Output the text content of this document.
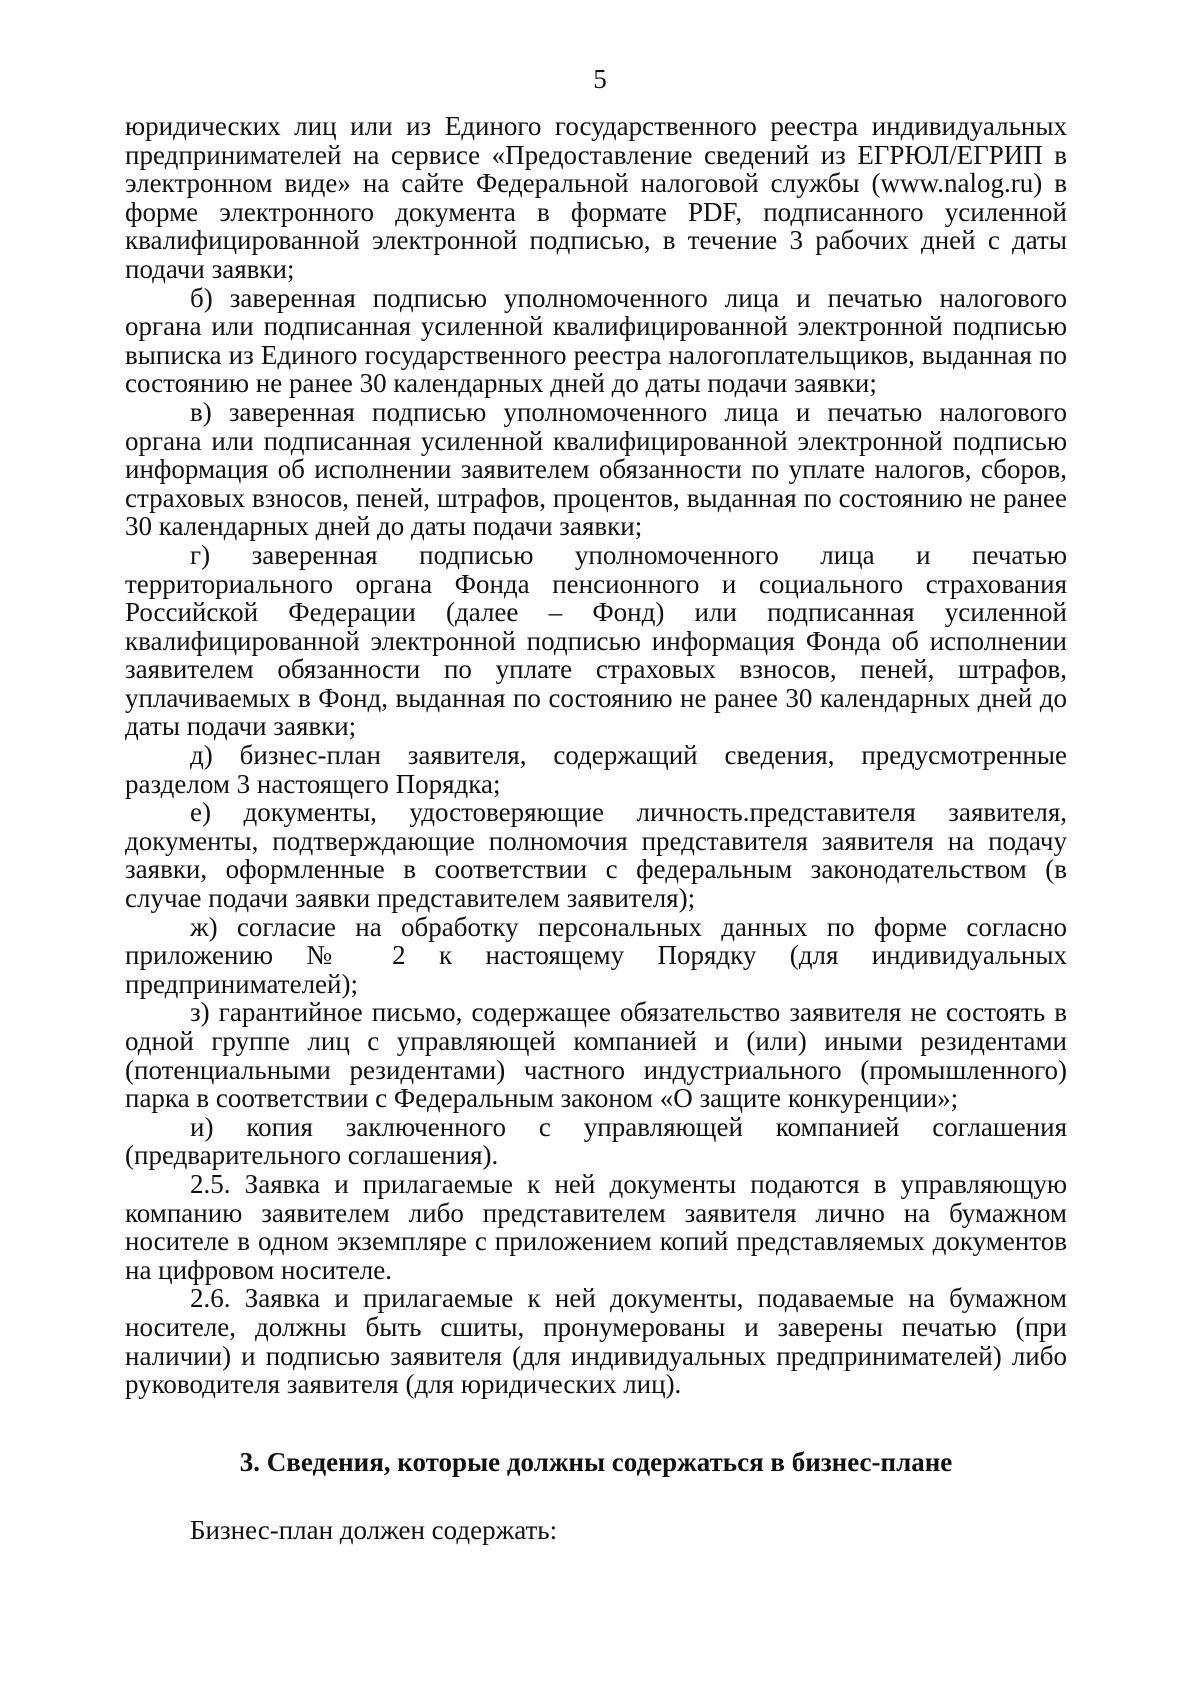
5

юридических лиц или из Единого государственного реестра индивидуальных предпринимателей на сервисе «Предоставление сведений из ЕГРЮЛ/ЕГРИП в электронном виде» на сайте Федеральной налоговой службы (www.nalog.ru) в форме электронного документа в формате PDF, подписанного усиленной квалифицированной электронной подписью, в течение 3 рабочих дней с даты подачи заявки;

б) заверенная подписью уполномоченного лица и печатью налогового органа или подписанная усиленной квалифицированной электронной подписью выписка из Единого государственного реестра налогоплательщиков, выданная по состоянию не ранее 30 календарных дней до даты подачи заявки;

в) заверенная подписью уполномоченного лица и печатью налогового органа или подписанная усиленной квалифицированной электронной подписью информация об исполнении заявителем обязанности по уплате налогов, сборов, страховых взносов, пеней, штрафов, процентов, выданная по состоянию не ранее 30 календарных дней до даты подачи заявки;

г) заверенная подписью уполномоченного лица и печатью территориального органа Фонда пенсионного и социального страхования Российской Федерации (далее – Фонд) или подписанная усиленной квалифицированной электронной подписью информация Фонда об исполнении заявителем обязанности по уплате страховых взносов, пеней, штрафов, уплачиваемых в Фонд, выданная по состоянию не ранее 30 календарных дней до даты подачи заявки;

д) бизнес-план заявителя, содержащий сведения, предусмотренные разделом 3 настоящего Порядка;

е) документы, удостоверяющие личность.представителя заявителя, документы, подтверждающие полномочия представителя заявителя на подачу заявки, оформленные в соответствии с федеральным законодательством (в случае подачи заявки представителем заявителя);

ж) согласие на обработку персональных данных по форме согласно приложению № 2 к настоящему Порядку (для индивидуальных предпринимателей);

з) гарантийное письмо, содержащее обязательство заявителя не состоять в одной группе лиц с управляющей компанией и (или) иными резидентами (потенциальными резидентами) частного индустриального (промышленного) парка в соответствии с Федеральным законом «О защите конкуренции»;

и) копия заключенного с управляющей компанией соглашения (предварительного соглашения).

2.5. Заявка и прилагаемые к ней документы подаются в управляющую компанию заявителем либо представителем заявителя лично на бумажном носителе в одном экземпляре с приложением копий представляемых документов на цифровом носителе.

2.6. Заявка и прилагаемые к ней документы, подаваемые на бумажном носителе, должны быть сшиты, пронумерованы и заверены печатью (при наличии) и подписью заявителя (для индивидуальных предпринимателей) либо руководителя заявителя (для юридических лиц).

3. Сведения, которые должны содержаться в бизнес-плане

Бизнес-план должен содержать:
